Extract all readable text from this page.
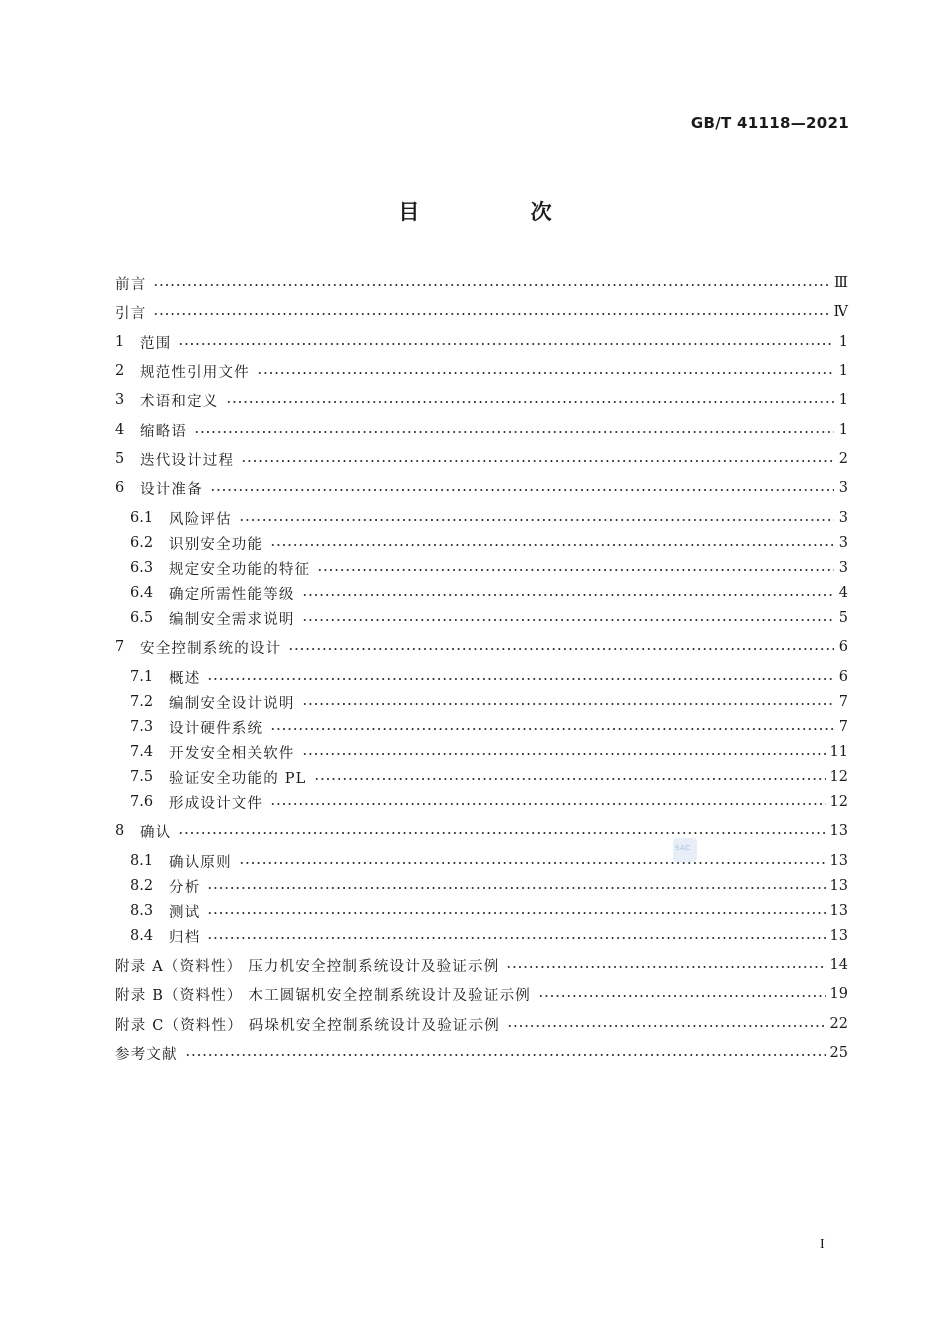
GB/T 41118—2021
目 次
前言	Ⅲ
引言	Ⅳ
1	范围	1
2	规范性引用文件	1
3	术语和定义	1
4	缩略语	1
5	迭代设计过程	2
6	设计准备	3
6.1	风险评估	3
6.2	识别安全功能	3
6.3	规定安全功能的特征	3
6.4	确定所需性能等级	4
6.5	编制安全需求说明	5
7	安全控制系统的设计	6
7.1	概述	6
7.2	编制安全设计说明	7
7.3	设计硬件系统	7
7.4	开发安全相关软件	11
7.5	验证安全功能的 PL	12
7.6	形成设计文件	12
8	确认	13
8.1	确认原则	13
8.2	分析	13
8.3	测试	13
8.4	归档	13
附录 A（资料性） 压力机安全控制系统设计及验证示例	14
附录 B（资料性） 木工圆锯机安全控制系统设计及验证示例	19
附录 C（资料性） 码垛机安全控制系统设计及验证示例	22
参考文献	25
SAC
I
